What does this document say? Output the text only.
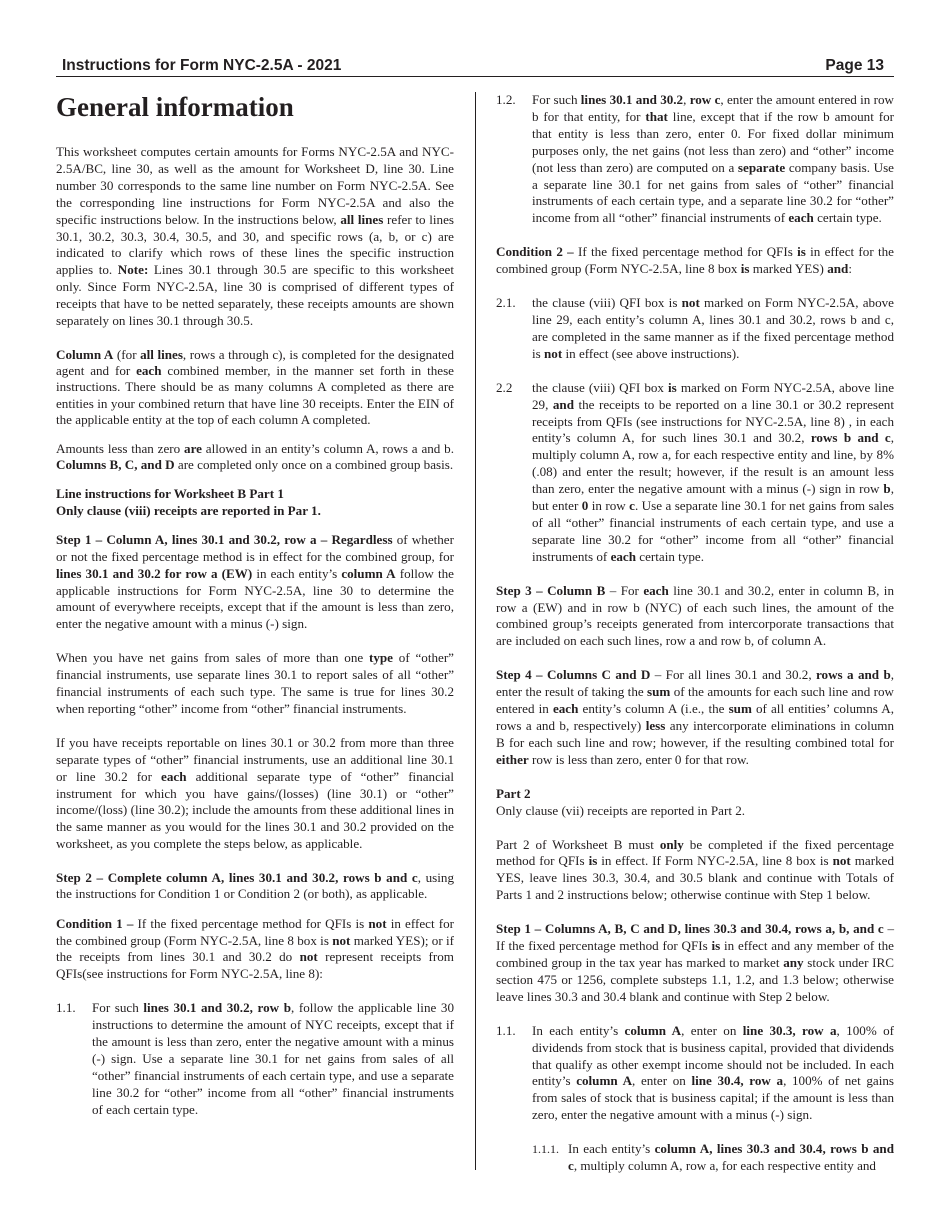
Instructions for Form NYC-2.5A - 2021	Page 13
General information

This worksheet computes certain amounts for Forms NYC-2.5A and NYC-2.5A/BC, line 30, as well as the amount for Worksheet D, line 30. Line number 30 corresponds to the same line number on Form NYC-2.5A. See the corresponding line instructions for Form NYC-2.5A and also the specific instructions below. In the instructions below, all lines refer to lines 30.1, 30.2, 30.3, 30.4, 30.5, and 30, and specific rows (a, b, or c) are indicated to clarify which rows of these lines the specific instruction applies to. Note: Lines 30.1 through 30.5 are specific to this worksheet only. Since Form NYC-2.5A, line 30 is comprised of different types of receipts that have to be netted separately, these receipts amounts are shown separately on lines 30.1 through 30.5.

Column A (for all lines, rows a through c), is completed for the designated agent and for each combined member, in the manner set forth in these instructions. There should be as many columns A completed as there are entities in your combined return that have line 30 receipts. Enter the EIN of the applicable entity at the top of each column A completed.

Amounts less than zero are allowed in an entity’s column A, rows a and b. Columns B, C, and D are completed only once on a combined group basis.

Line instructions for Worksheet B Part 1
Only clause (viii) receipts are reported in Par 1.

Step 1 – Column A, lines 30.1 and 30.2, row a – Regardless of whether or not the fixed percentage method is in effect for the combined group, for lines 30.1 and 30.2 for row a (EW) in each entity’s column A follow the applicable instructions for Form NYC-2.5A, line 30 to determine the amount of everywhere receipts, except that if the amount is less than zero, enter the negative amount with a minus (-) sign.

When you have net gains from sales of more than one type of “other” financial instruments, use separate lines 30.1 to report sales of all “other” financial instruments of each such type. The same is true for lines 30.2 when reporting “other” income from “other” financial instruments.

If you have receipts reportable on lines 30.1 or 30.2 from more than three separate types of “other” financial instruments, use an additional line 30.1 or line 30.2 for each additional separate type of “other” financial instrument for which you have gains/(losses) (line 30.1) or “other” income/(loss) (line 30.2); include the amounts from these additional lines in the same manner as you would for the lines 30.1 and 30.2 provided on the worksheet, as you complete the steps below, as applicable.

Step 2 – Complete column A, lines 30.1 and 30.2, rows b and c, using the instructions for Condition 1 or Condition 2 (or both), as applicable.

Condition 1 – If the fixed percentage method for QFIs is not in effect for the combined group (Form NYC-2.5A, line 8 box is not marked YES); or if the receipts from lines 30.1 and 30.2 do not represent receipts from QFIs(see instructions for Form NYC-2.5A, line 8):

1.1.	For such lines 30.1 and 30.2, row b, follow the applicable line 30 instructions to determine the amount of NYC receipts, except that if the amount is less than zero, enter the negative amount with a minus (-) sign. Use a separate line 30.1 for net gains from sales of all “other” financial instruments of each certain type, and use a separate line 30.2 for “other” income from all “other” financial instruments of each certain type.
1.2.	For such lines 30.1 and 30.2, row c, enter the amount entered in row b for that entity, for that line, except that if the row b amount for that entity is less than zero, enter 0. For fixed dollar minimum purposes only, the net gains (not less than zero) and “other” income (not less than zero) are computed on a separate company basis. Use a separate line 30.1 for net gains from sales of “other” financial instruments of each certain type, and a separate line 30.2 for “other” income from all “other” financial instruments of each certain type.

Condition 2 – If the fixed percentage method for QFIs is in effect for the combined group (Form NYC-2.5A, line 8 box is marked YES) and:

2.1.	the clause (viii) QFI box is not marked on Form NYC-2.5A, above line 29, each entity’s column A, lines 30.1 and 30.2, rows b and c, are completed in the same manner as if the fixed percentage method is not in effect (see above instructions).
2.2	the clause (viii) QFI box is marked on Form NYC-2.5A, above line 29, and the receipts to be reported on a line 30.1 or 30.2 represent receipts from QFIs (see instructions for NYC-2.5A, line 8) , in each entity’s column A, for such lines 30.1 and 30.2, rows b and c, multiply column A, row a, for each respective entity and line, by 8% (.08) and enter the result; however, if the result is an amount less than zero, enter the negative amount with a minus (-) sign in row b, but enter 0 in row c. Use a separate line 30.1 for net gains from sales of all “other” financial instruments of each certain type, and use a separate line 30.2 for “other” income from all “other” financial instruments of each certain type.

Step 3 – Column B – For each line 30.1 and 30.2, enter in column B, in row a (EW) and in row b (NYC) of each such lines, the amount of the combined group’s receipts generated from intercorporate transactions that are included on each such lines, row a and row b, of column A.

Step 4 – Columns C and D – For all lines 30.1 and 30.2, rows a and b, enter the result of taking the sum of the amounts for each such line and row entered in each entity’s column A (i.e., the sum of all entities’ columns A, rows a and b, respectively) less any intercorporate eliminations in column B for each such line and row; however, if the resulting combined total for either row is less than zero, enter 0 for that row.

Part 2
Only clause (vii) receipts are reported in Part 2.

Part 2 of Worksheet B must only be completed if the fixed percentage method for QFIs is in effect. If Form NYC-2.5A, line 8 box is not marked YES, leave lines 30.3, 30.4, and 30.5 blank and continue with Totals of Parts 1 and 2 instructions below; otherwise continue with Step 1 below.

Step 1 – Columns A, B, C and D, lines 30.3 and 30.4, rows a, b, and c – If the fixed percentage method for QFIs is in effect and any member of the combined group in the tax year has marked to market any stock under IRC section 475 or 1256, complete substeps 1.1, 1.2, and 1.3 below; otherwise leave lines 30.3 and 30.4 blank and continue with Step 2 below.

1.1.	In each entity’s column A, enter on line 30.3, row a, 100% of dividends from stock that is business capital, provided that dividends that qualify as other exempt income should not be included. In each entity’s column A, enter on line 30.4, row a, 100% of net gains from sales of stock that is business capital; if the amount is less than zero, enter the negative amount with a minus (-) sign.
1.1.1. In each entity’s column A, lines 30.3 and 30.4, rows b and c, multiply column A, row a, for each respective entity and
